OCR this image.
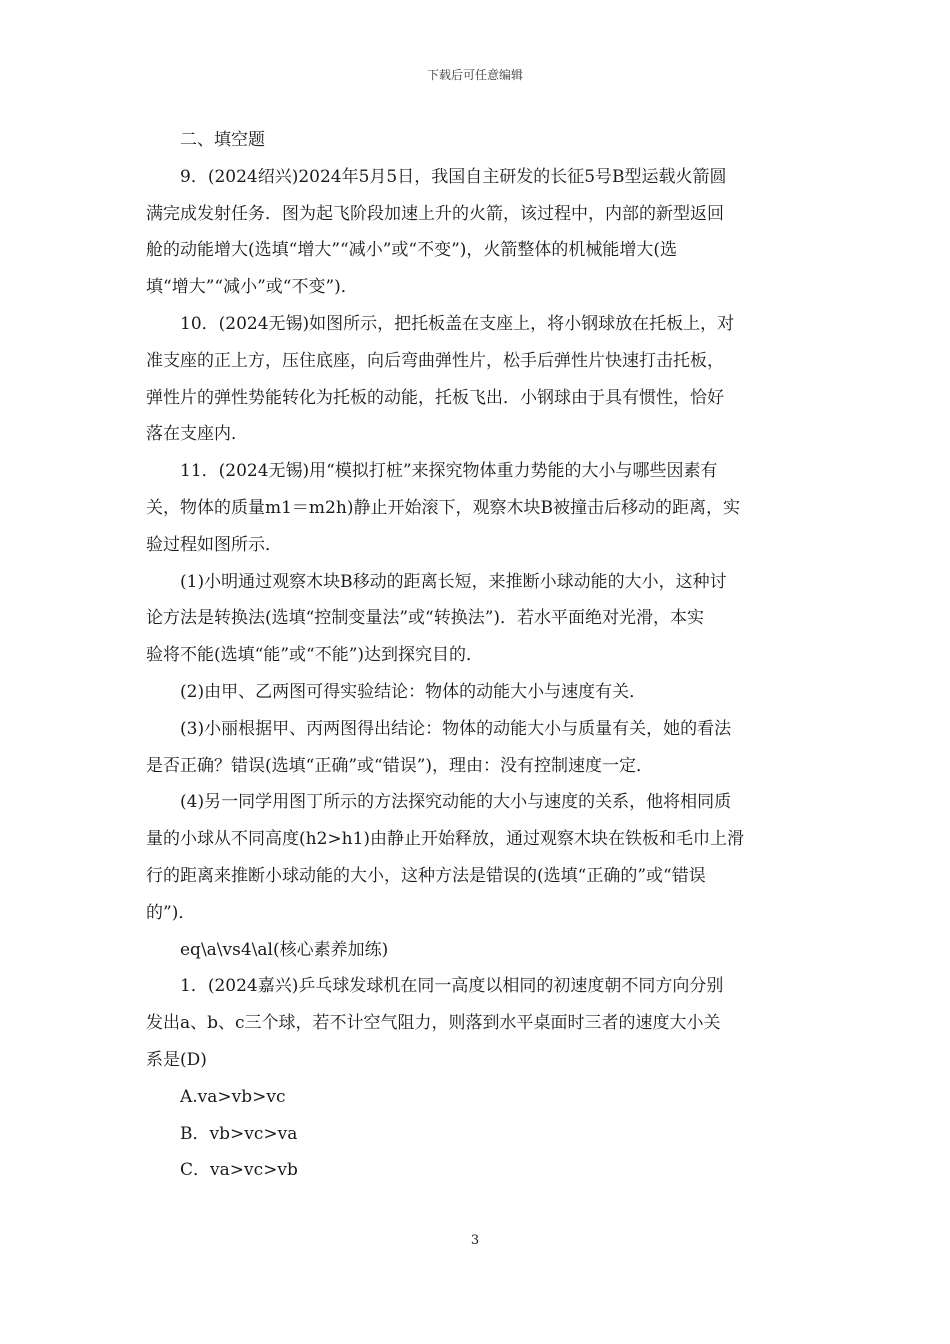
下载后可任意编辑
二、填空题
9．(2024绍兴)2024年5月5日，我国自主研发的长征5号B型运载火箭圆
满完成发射任务．图为起飞阶段加速上升的火箭，该过程中，内部的新型返回
舱的动能增大(选填“增大”“减小”或“不变”)，火箭整体的机械能增大(选
填“增大”“减小”或“不变”)．
10．(2024无锡)如图所示，把托板盖在支座上，将小钢球放在托板上，对
准支座的正上方，压住底座，向后弯曲弹性片，松手后弹性片快速打击托板，
弹性片的弹性势能转化为托板的动能，托板飞出．小钢球由于具有惯性，恰好
落在支座内．
11．(2024无锡)用“模拟打桩”来探究物体重力势能的大小与哪些因素有
关，物体的质量m1＝m2h)静止开始滚下，观察木块B被撞击后移动的距离，实
验过程如图所示．
(1)小明通过观察木块B移动的距离长短，来推断小球动能的大小，这种讨
论方法是转换法(选填“控制变量法”或“转换法”)．若水平面绝对光滑，本实
验将不能(选填“能”或“不能”)达到探究目的．
(2)由甲、乙两图可得实验结论：物体的动能大小与速度有关．
(3)小丽根据甲、丙两图得出结论：物体的动能大小与质量有关，她的看法
是否正确？错误(选填“正确”或“错误”)，理由：没有控制速度一定．
(4)另一同学用图丁所示的方法探究动能的大小与速度的关系，他将相同质
量的小球从不同高度(h2>h1)由静止开始释放，通过观察木块在铁板和毛巾上滑
行的距离来推断小球动能的大小，这种方法是错误的(选填“正确的”或“错误
的”)．
eq\a\vs4\al(核心素养加练)
1．(2024嘉兴)乒乓球发球机在同一高度以相同的初速度朝不同方向分别
发出a、b、c三个球，若不计空气阻力，则落到水平桌面时三者的速度大小关
系是(D)
A.va>vb>vc
B．vb>vc>va
C．va>vc>vb
3
